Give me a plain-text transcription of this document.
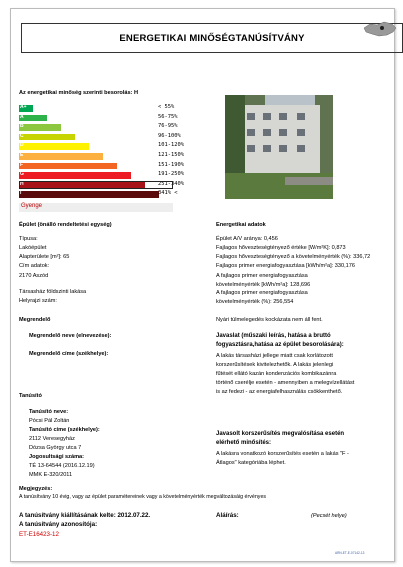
ENERGETIKAI MINŐSÉGTANÚSÍTVÁNY
Az energetikai minőség szerinti besorolás: H
A+	< 55%
A	56-75%
B	76-95%
C	96-100%
D	101-120%
E	121-150%
F	151-190%
G	191-250%
H	251-340%
I	341% <
Gyenge
Épület (önálló rendeltetési egység)
Típusa:
Lakóépület
Alapterülete [m²]: 65
Cím adatok:
2170 Aszód
Társasház földszinti lakása
Helyrajzi szám:
Energetikai adatok
Épület A/V aránya: 0,456
Fajlagos hőveszteségtényező értéke [W/m²K]: 0,873
Fajlagos hőveszteségtényező a követelményérték (%): 336,72
Fajlagos primer energiafogyasztása [kWh/m²a]: 330,176
A fajlagos primer energiafogyasztása
követelményérték [kWh/m²a]: 128,696
A fajlagos primer energiafogyasztása
követelményérték (%): 256,554
Megrendelő
Megrendelő neve (elnevezése):
Megrendelő címe (székhelye):
Nyári túlmelegedés kockázata nem áll fent.
Javaslat (műszaki leírás, hatása a bruttó
fogyasztásra,hatása az épület besorolására):
A lakás társasházi jellege miatt csak korlátozott
korszerűsítések kivitelezhetők. A lakás jelenlegi
fűtését ellátó kazán kondenzációs kombikazánra
történő cserélje esetén - amennyiben a melegvízellátást
is az fedezi - az energiafelhasználás csökkenthető.
Tanúsító
Tanúsító neve:
Pócsi Pál Zoltán
Tanúsító címe (székhelye):
2112 Veresegyház
Dózsa György utca 7
Jogosultsági száma:
TÉ 13-64544 (2016.12.19)
MMK E-320/2011
Javasolt korszerűsítés megvalósítása esetén
elérhető minősítés:
A lakásra vonatkozó korszerűsítés esetén a lakás "F -
Átlagos" kategóriába léphet.
Megjegyzés:
A tanúsítvány 10 évig, vagy az épület paramétereinek vagy a követelményérték megváltozásáig érvényes
A tanúsítvány kiállításának kelte: 2012.07.22.
A tanúsítvány azonosítója:
ET-E16423-12
Aláírás:	(Pecsét helye)
ARN-ET-E-07142-13
